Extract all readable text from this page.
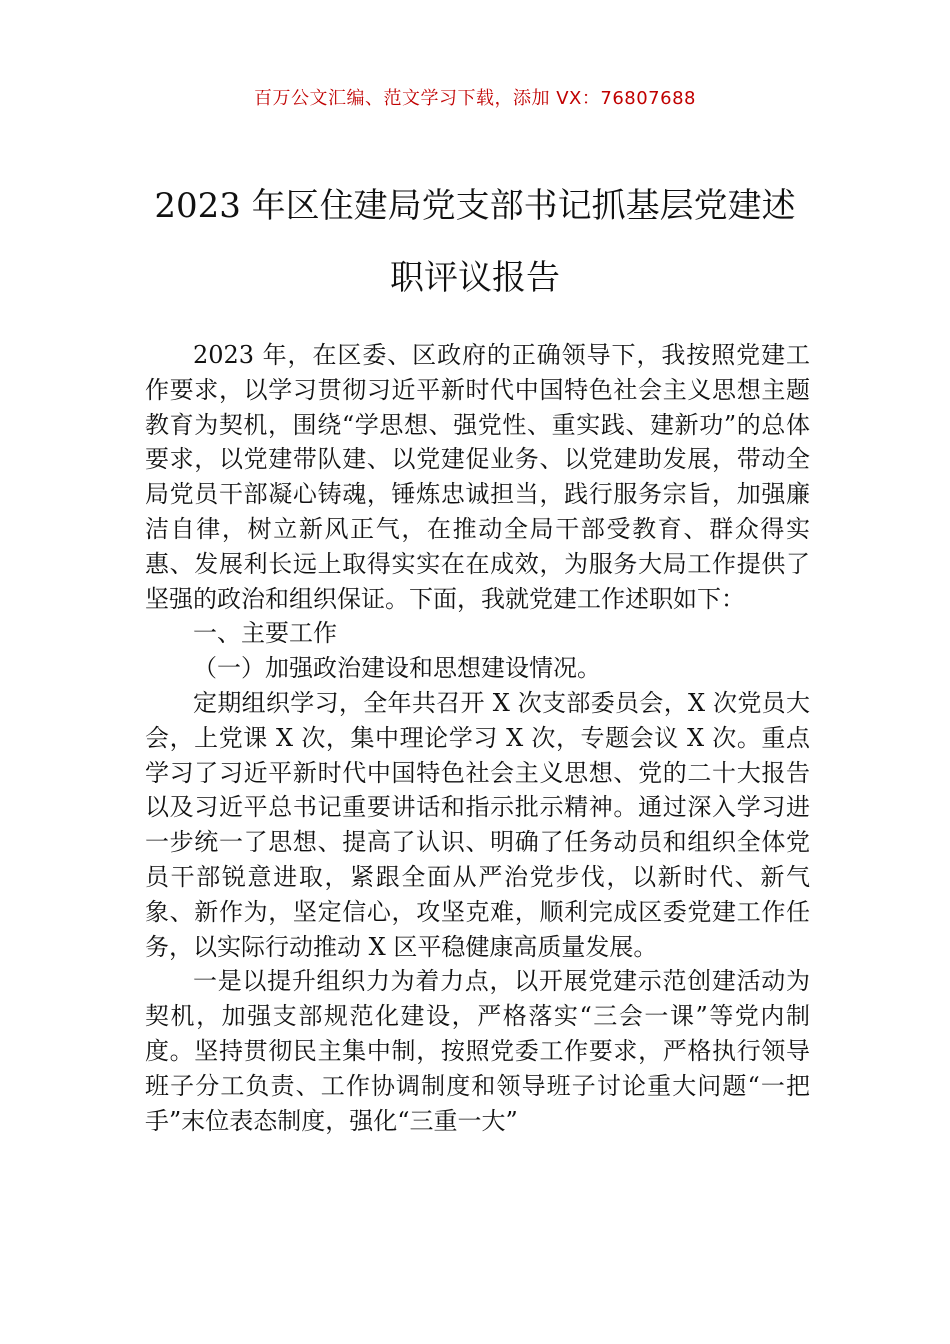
百万公文汇编、范文学习下载，添加 VX：76807688
2023 年区住建局党支部书记抓基层党建述
职评议报告

2023 年，在区委、区政府的正确领导下，我按照党建工作要求，以学习贯彻习近平新时代中国特色社会主义思想主题教育为契机，围绕“学思想、强党性、重实践、建新功”的总体要求，以党建带队建、以党建促业务、以党建助发展，带动全局党员干部凝心铸魂，锤炼忠诚担当，践行服务宗旨，加强廉洁自律，树立新风正气，在推动全局干部受教育、群众得实惠、发展利长远上取得实实在在成效，为服务大局工作提供了坚强的政治和组织保证。下面，我就党建工作述职如下：

一、主要工作

（一）加强政治建设和思想建设情况。

定期组织学习，全年共召开 X 次支部委员会，X 次党员大会，上党课 X 次，集中理论学习 X 次，专题会议 X 次。重点学习了习近平新时代中国特色社会主义思想、党的二十大报告以及习近平总书记重要讲话和指示批示精神。通过深入学习进一步统一了思想、提高了认识、明确了任务动员和组织全体党员干部锐意进取，紧跟全面从严治党步伐，以新时代、新气象、新作为，坚定信心，攻坚克难，顺利完成区委党建工作任务，以实际行动推动 X 区平稳健康高质量发展。

一是以提升组织力为着力点，以开展党建示范创建活动为契机，加强支部规范化建设，严格落实“三会一课”等党内制度。坚持贯彻民主集中制，按照党委工作要求，严格执行领导班子分工负责、工作协调制度和领导班子讨论重大问题“一把手”末位表态制度，强化“三重一大”
